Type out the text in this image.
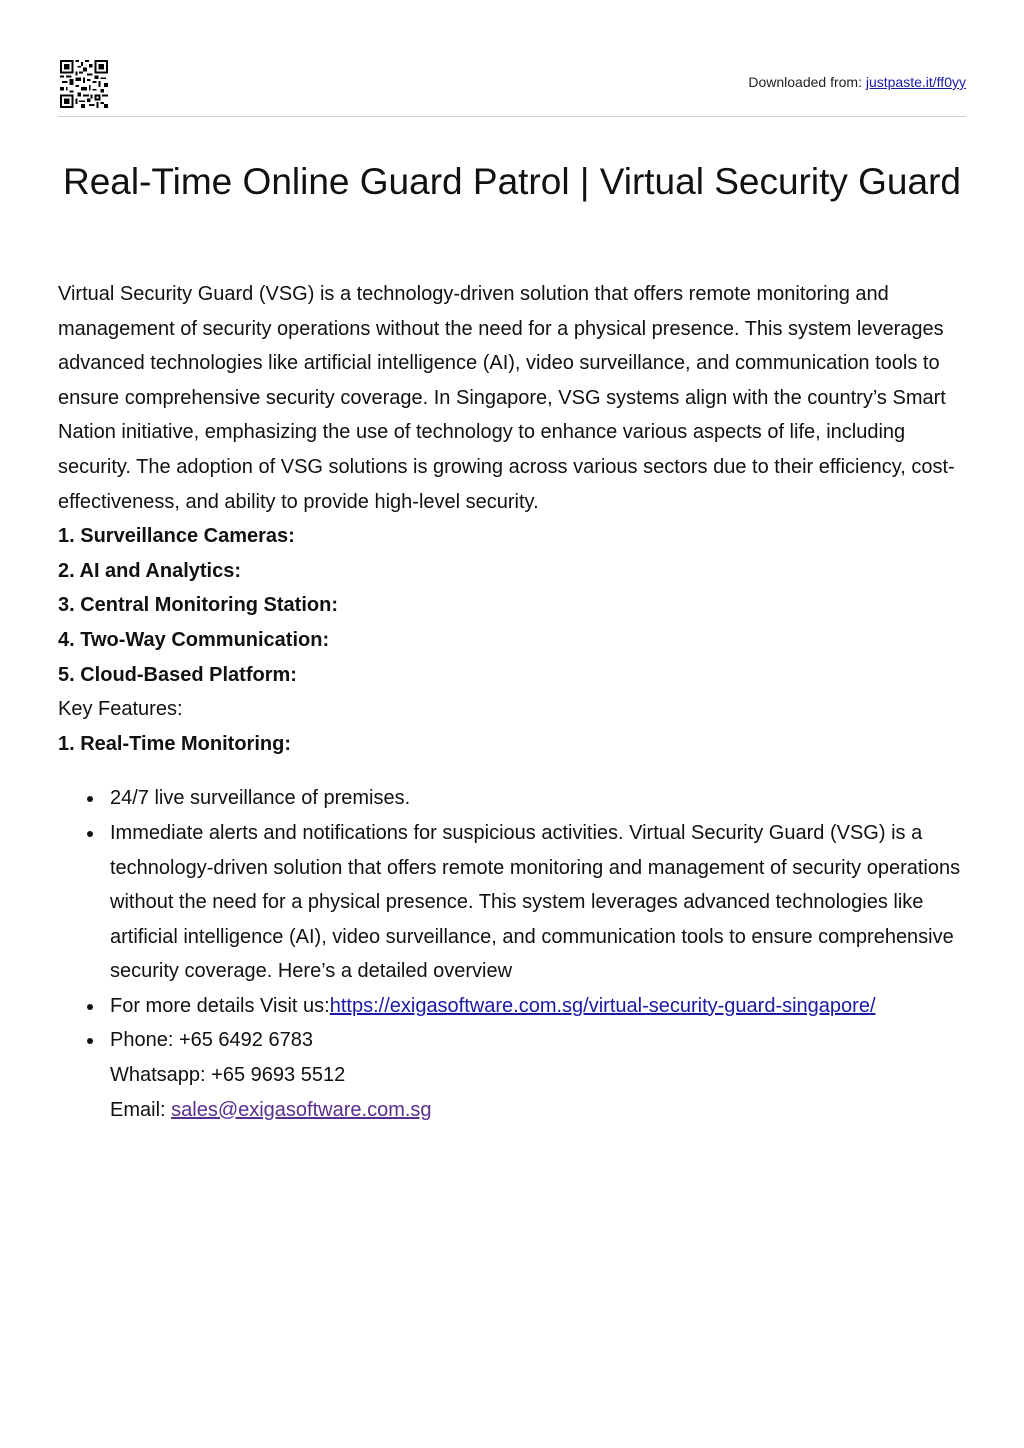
Downloaded from: justpaste.it/ff0yy
Real-Time Online Guard Patrol | Virtual Security Guard

Virtual Security Guard (VSG) is a technology-driven solution that offers remote monitoring and management of security operations without the need for a physical presence. This system leverages advanced technologies like artificial intelligence (AI), video surveillance, and communication tools to ensure comprehensive security coverage. In Singapore, VSG systems align with the country’s Smart Nation initiative, emphasizing the use of technology to enhance various aspects of life, including security. The adoption of VSG solutions is growing across various sectors due to their efficiency, cost-effectiveness, and ability to provide high-level security.

1. Surveillance Cameras:

2. AI and Analytics:

3. Central Monitoring Station:

4. Two-Way Communication:

5. Cloud-Based Platform:

Key Features:

1. Real-Time Monitoring:

24/7 live surveillance of premises.
Immediate alerts and notifications for suspicious activities. Virtual Security Guard (VSG) is a technology-driven solution that offers remote monitoring and management of security operations without the need for a physical presence. This system leverages advanced technologies like artificial intelligence (AI), video surveillance, and communication tools to ensure comprehensive security coverage. Here’s a detailed overview
For more details Visit us:https://exigasoftware.com.sg/virtual-security-guard-singapore/
Phone: +65 6492 6783
Whatsapp: +65 9693 5512
Email: sales@exigasoftware.com.sg
